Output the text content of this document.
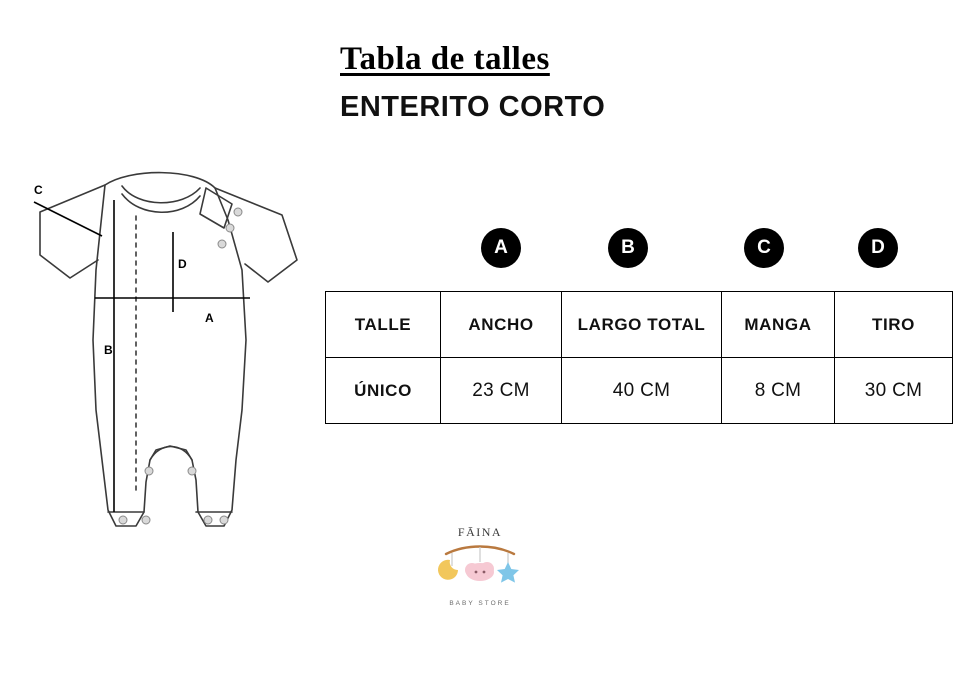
Tabla de talles
ENTERITO CORTO
A
B
C
D
A	B	C	D
TALLE	ANCHO	LARGO TOTAL	MANGA	TIRO
ÚNICO	23 CM	40 CM	8 CM	30 CM

FĀINA

BABY STORE
